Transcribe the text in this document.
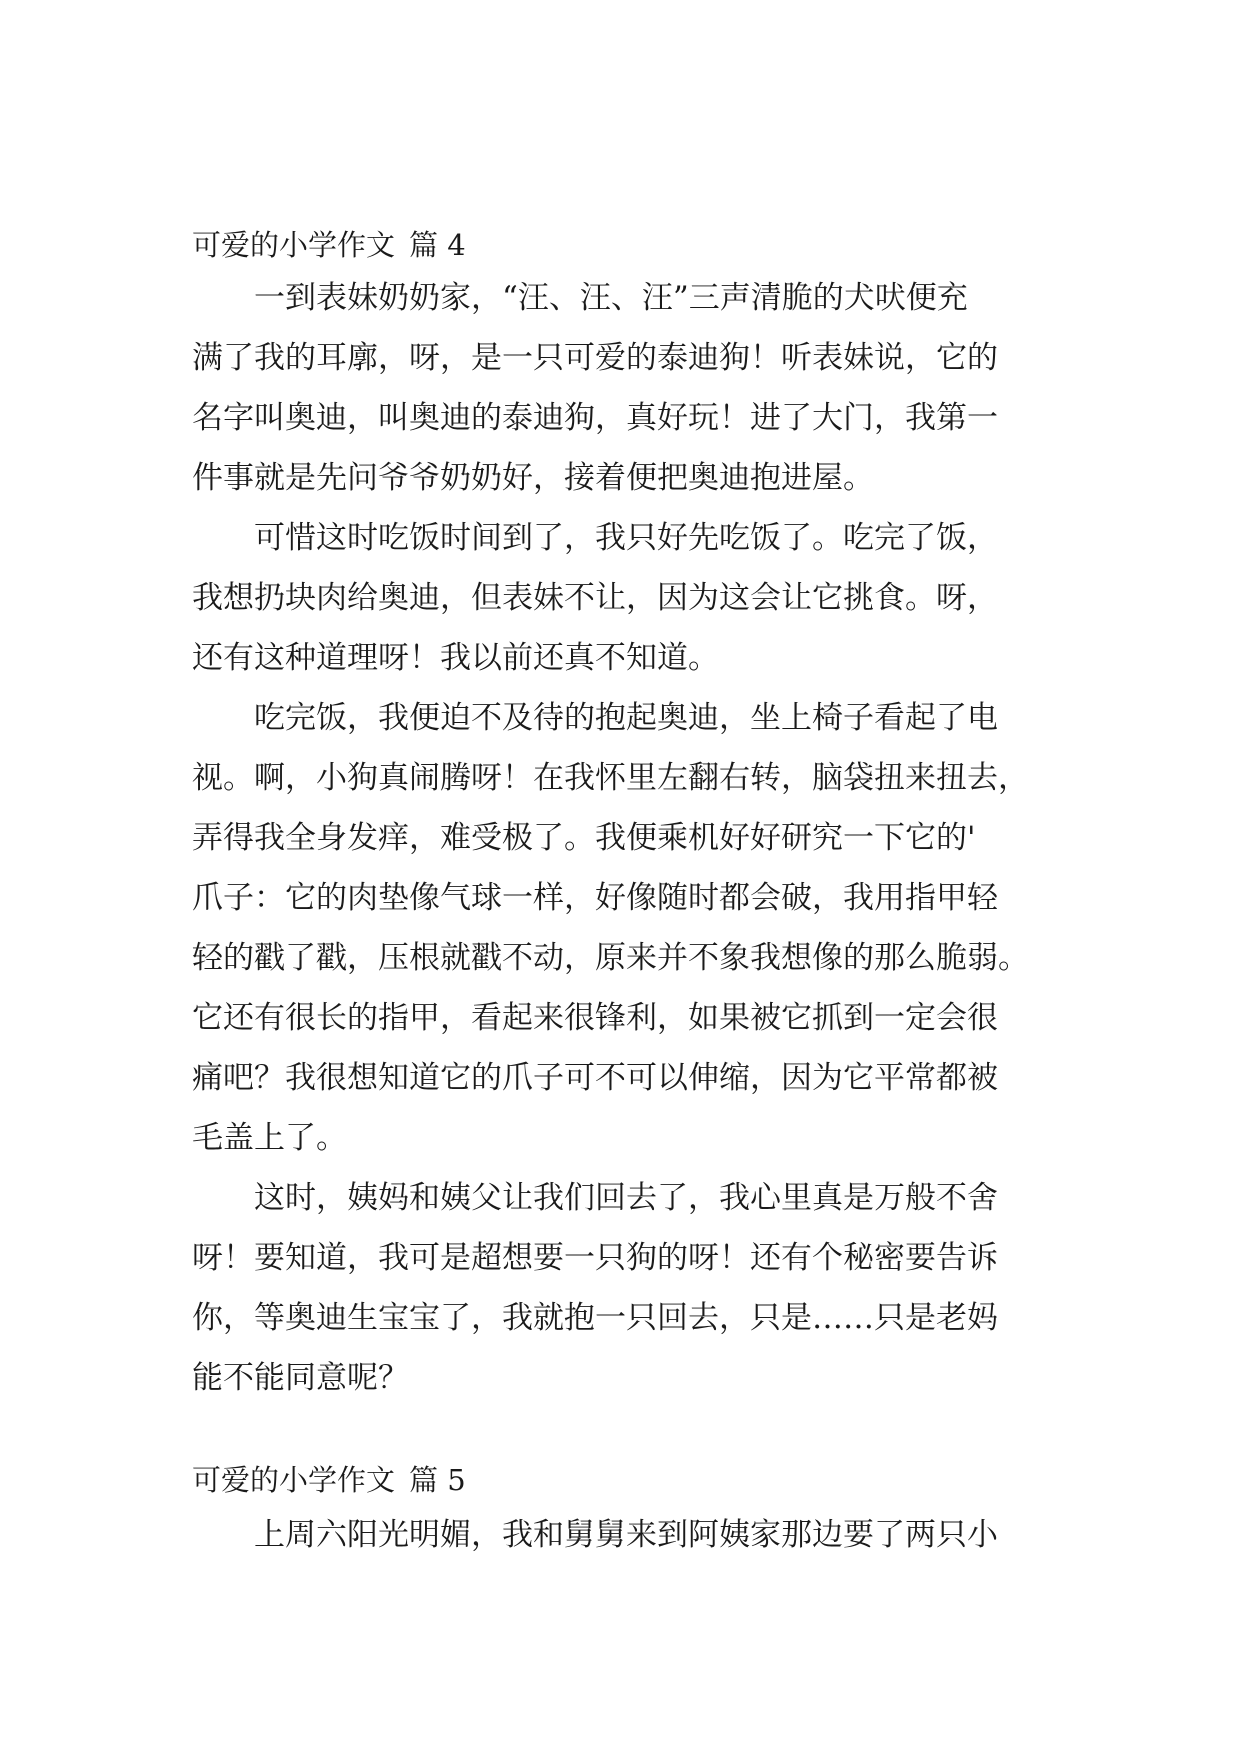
可爱的小学作文 篇 4

一到表妹奶奶家，“汪、汪、汪”三声清脆的犬吠便充

满了我的耳廓，呀，是一只可爱的泰迪狗！听表妹说，它的

名字叫奥迪，叫奥迪的泰迪狗，真好玩！进了大门，我第一

件事就是先问爷爷奶奶好，接着便把奥迪抱进屋。

可惜这时吃饭时间到了，我只好先吃饭了。吃完了饭，

我想扔块肉给奥迪，但表妹不让，因为这会让它挑食。呀，

还有这种道理呀！我以前还真不知道。

吃完饭，我便迫不及待的抱起奥迪，坐上椅子看起了电

视。啊，小狗真闹腾呀！在我怀里左翻右转，脑袋扭来扭去，

弄得我全身发痒，难受极了。我便乘机好好研究一下它的'

爪子：它的肉垫像气球一样，好像随时都会破，我用指甲轻

轻的戳了戳，压根就戳不动，原来并不象我想像的那么脆弱。

它还有很长的指甲，看起来很锋利，如果被它抓到一定会很

痛吧？我很想知道它的爪子可不可以伸缩，因为它平常都被

毛盖上了。

这时，姨妈和姨父让我们回去了，我心里真是万般不舍

呀！要知道，我可是超想要一只狗的呀！还有个秘密要告诉

你，等奥迪生宝宝了，我就抱一只回去，只是……只是老妈

能不能同意呢？

可爱的小学作文 篇 5

上周六阳光明媚，我和舅舅来到阿姨家那边要了两只小
